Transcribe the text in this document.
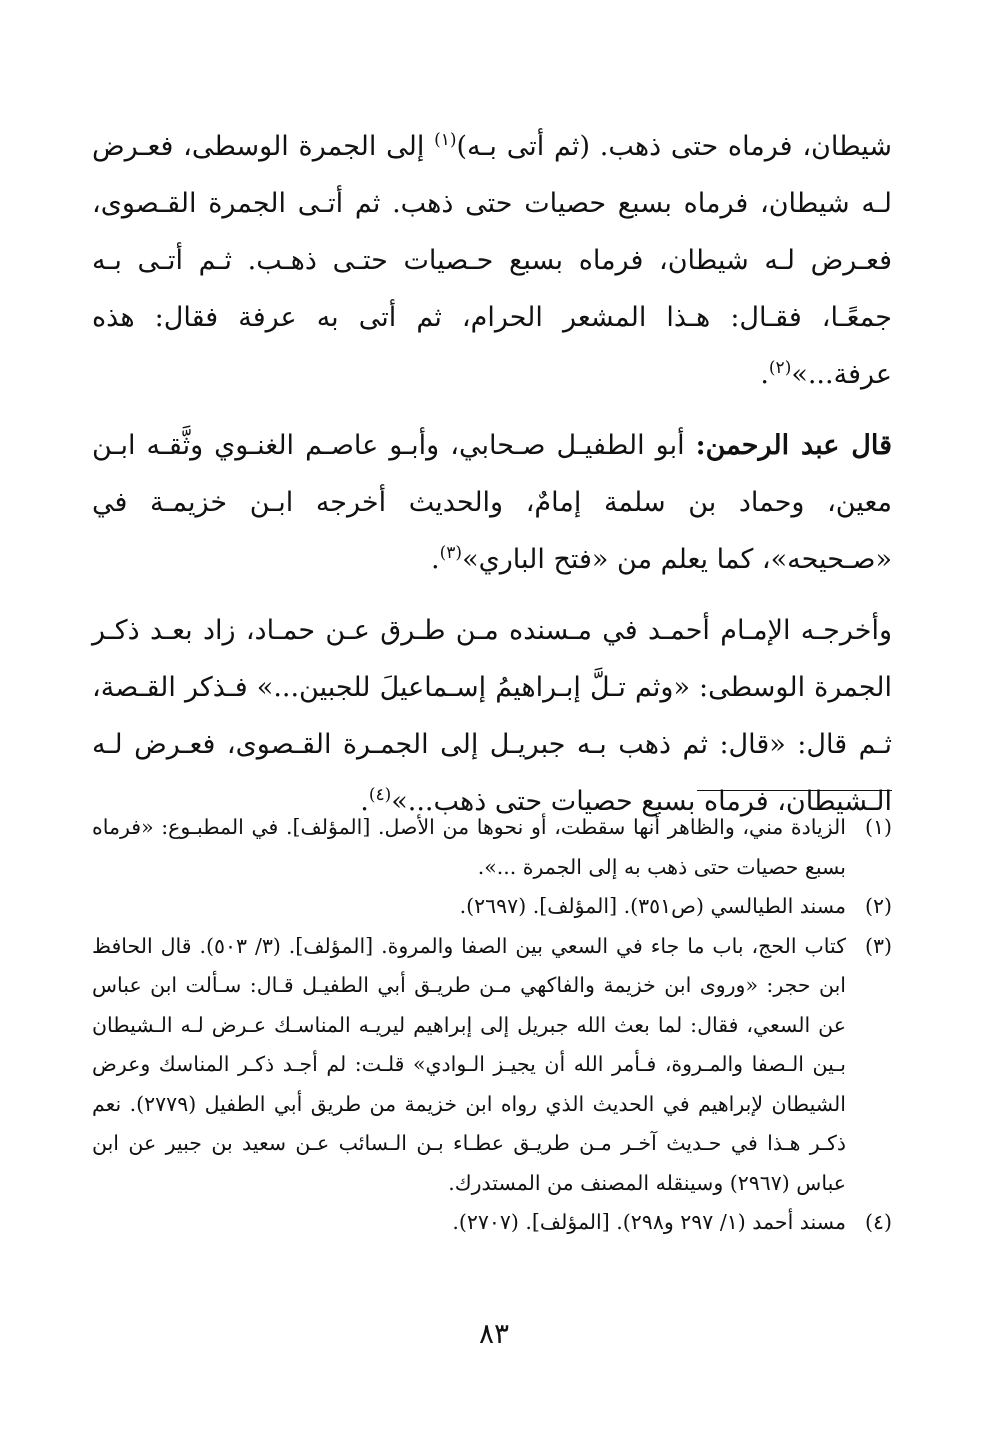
شيطان، فرماه حتى ذهب. (ثم أتى بـه)$^{(١)}$ إلى الجمرة الوسطى، فعـرض لـه شيطان، فرماه بسبع حصيات حتى ذهب. ثم أتـى الجمرة القـصوى، فعـرض لـه شيطان، فرماه بسبع حـصيات حتـى ذهـب. ثـم أتـى بـه جمعًـا، فقـال: هـذا المشعر الحرام، ثم أتى به عرفة فقال: هذه عرفة...»$^{(٢)}$.

قال عبد الرحمن: أبو الطفيـل صـحابي، وأبـو عاصـم الغنـوي وثَّقـه ابـن معين، وحماد بن سلمة إمامٌ، والحديث أخرجه ابـن خزيمـة في «صـحيحه»، كما يعلم من «فتح الباري»$^{(٣)}$.

وأخرجـه الإمـام أحمـد في مـسنده مـن طـرق عـن حمـاد، زاد بعـد ذكـر الجمرة الوسطى: «وثم تـلَّ إبـراهيمُ إسـماعيلَ للجبين...» فـذكر القـصة، ثـم قال: «قال: ثم ذهب بـه جبريـل إلى الجمـرة القـصوى، فعـرض لـه الـشيطان، فرماه بسبع حصيات حتى ذهب...»$^{(٤)}$.

(١)
الزيادة مني، والظاهر أنها سقطت، أو نحوها من الأصل. [المؤلف]. في المطبـوع: «فرماه بسبع حصيات حتى ذهب به إلى الجمرة ...».
(٢)
مسند الطيالسي (ص٣٥١). [المؤلف]. (٢٦٩٧).
(٣)
كتاب الحج، باب ما جاء في السعي بين الصفا والمروة. [المؤلف]. (٣/ ٥٠٣). قال الحافظ ابن حجر: «وروى ابن خزيمة والفاكهي مـن طريـق أبي الطفيـل قـال: سـألت ابن عباس عن السعي، فقال: لما بعث الله جبريل إلى إبراهيم ليريـه المناسـك عـرض لـه الـشيطان بـين الـصفا والمـروة، فـأمر الله أن يجيـز الـوادي» قلـت: لم أجـد ذكـر المناسك وعرض الشيطان لإبراهيم في الحديث الذي رواه ابن خزيمة من طريق أبي الطفيل (٢٧٧٩). نعم ذكـر هـذا في حـديث آخـر مـن طريـق عطـاء بـن الـسائب عـن سعيد بن جبير عن ابن عباس (٢٩٦٧) وسينقله المصنف من المستدرك.
(٤)
مسند أحمد (١/ ٢٩٧ و٢٩٨). [المؤلف]. (٢٧٠٧).
٨٣
